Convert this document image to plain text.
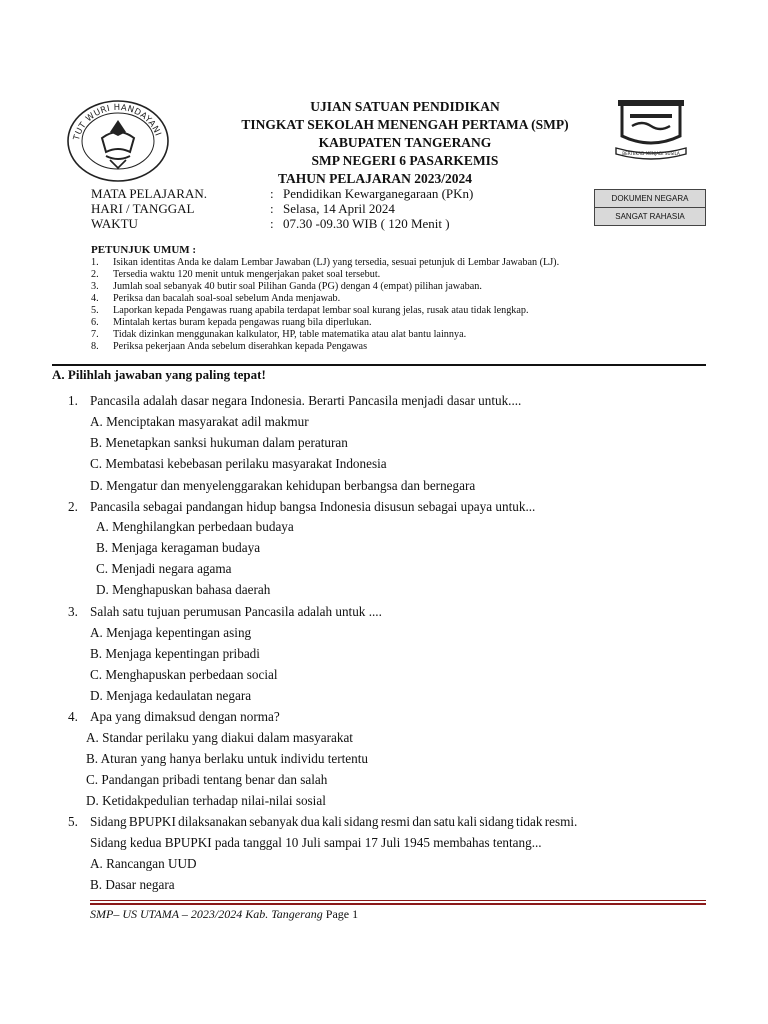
TUT WURI HANDAYANI
BERTEKAD MENJADI SUSILA
UJIAN SATUAN PENDIDIKAN
TINGKAT SEKOLAH MENENGAH PERTAMA (SMP)
KABUPATEN TANGERANG
SMP NEGERI 6 PASARKEMIS
TAHUN PELAJARAN 2023/2024
MATA PELAJARAN.	: Pendidikan Kewarganegaraan (PKn)
HARI / TANGGAL	: Selasa, 14 April 2024
WAKTU	: 07.30 -09.30 WIB ( 120 Menit )
DOKUMEN NEGARA
SANGAT RAHASIA
PETUNJUK UMUM :
1. Isikan identitas Anda ke dalam Lembar Jawaban (LJ) yang tersedia, sesuai petunjuk di Lembar Jawaban (LJ).
2. Tersedia waktu 120 menit untuk mengerjakan paket soal tersebut.
3. Jumlah soal sebanyak 40 butir soal Pilihan Ganda (PG) dengan 4 (empat) pilihan jawaban.
4. Periksa dan bacalah soal-soal sebelum Anda menjawab.
5. Laporkan kepada Pengawas ruang apabila terdapat lembar soal kurang jelas, rusak atau tidak lengkap.
6. Mintalah kertas buram kepada pengawas ruang bila diperlukan.
7. Tidak dizinkan menggunakan kalkulator, HP, table matematika atau alat bantu lainnya.
8. Periksa pekerjaan Anda sebelum diserahkan kepada Pengawas
A. Pilihlah jawaban yang paling tepat!
1. Pancasila adalah dasar negara Indonesia. Berarti Pancasila menjadi dasar untuk....
A. Menciptakan masyarakat adil makmur
B. Menetapkan sanksi hukuman dalam peraturan
C. Membatasi kebebasan perilaku masyarakat Indonesia
D. Mengatur dan menyelenggarakan kehidupan berbangsa dan bernegara
2. Pancasila sebagai pandangan hidup bangsa Indonesia disusun sebagai upaya untuk...
A. Menghilangkan perbedaan budaya
B. Menjaga keragaman budaya
C. Menjadi negara agama
D. Menghapuskan bahasa daerah
3. Salah satu tujuan perumusan Pancasila adalah untuk ....
A. Menjaga kepentingan asing
B. Menjaga kepentingan pribadi
C. Menghapuskan perbedaan social
D. Menjaga kedaulatan negara
4. Apa yang dimaksud dengan norma?
A. Standar perilaku yang diakui dalam masyarakat
B. Aturan yang hanya berlaku untuk individu tertentu
C. Pandangan pribadi tentang benar dan salah
D. Ketidakpedulian terhadap nilai-nilai sosial
5. Sidang BPUPKI dilaksanakan sebanyak dua kali sidang resmi dan satu kali sidang tidak resmi.
Sidang kedua BPUPKI pada tanggal 10 Juli sampai 17 Juli 1945 membahas tentang...
A. Rancangan UUD
B. Dasar negara
SMP– US UTAMA – 2023/2024 Kab. Tangerang Page 1
